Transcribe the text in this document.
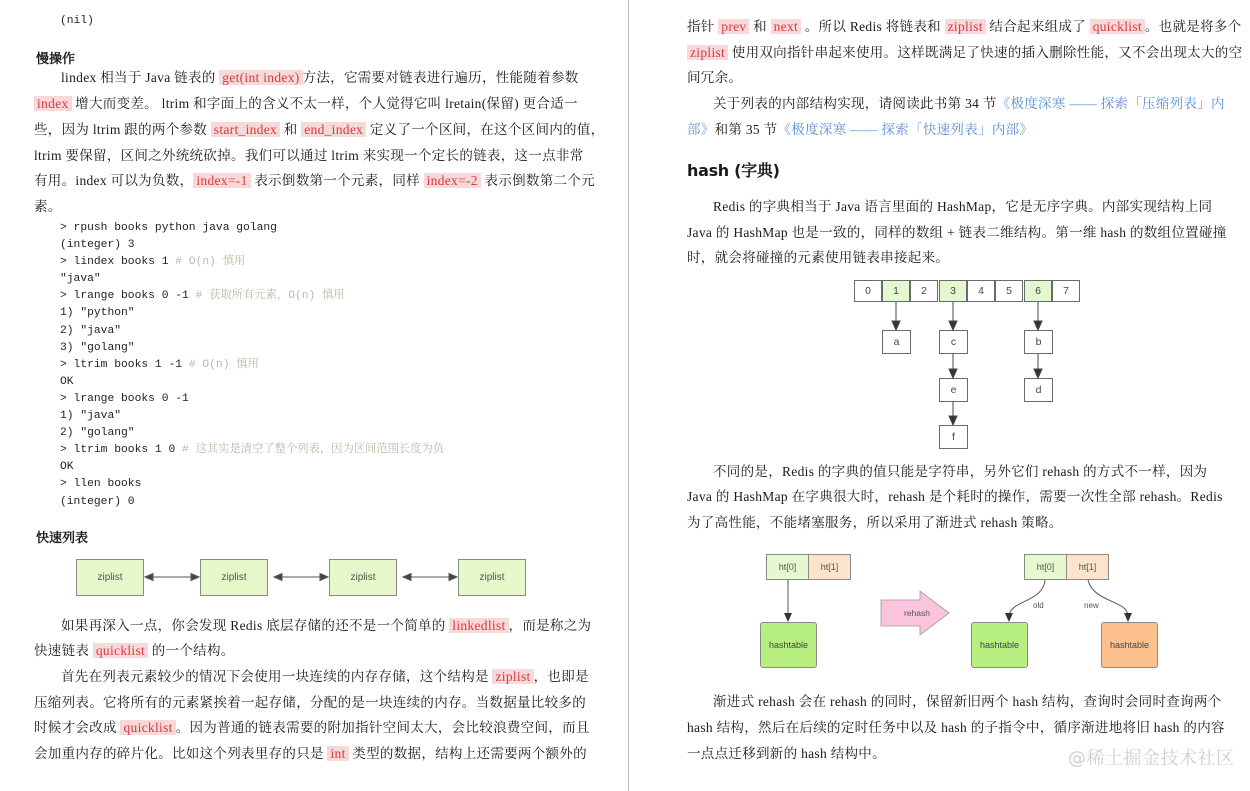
(nil)
慢操作
lindex 相当于 Java 链表的 get(int index) 方法，它需要对链表进行遍历，性能随着参数
index 增大而变差。 ltrim 和字面上的含义不太一样，个人觉得它叫 lretain(保留) 更合适一
些，因为 ltrim 跟的两个参数 start_index 和 end_index 定义了一个区间，在这个区间内的值，
ltrim 要保留，区间之外统统砍掉。我们可以通过 ltrim 来实现一个定长的链表，这一点非常
有用。index 可以为负数， index=-1 表示倒数第一个元素，同样 index=-2 表示倒数第二个元
素。
> rpush books python java golang
(integer) 3
> lindex books 1 # O(n) 慎用
"java"
> lrange books 0 -1 # 获取所有元素，O(n) 慎用
1) "python"
2) "java"
3) "golang"
> ltrim books 1 -1 # O(n) 慎用
OK
> lrange books 0 -1
1) "java"
2) "golang"
> ltrim books 1 0 # 这其实是清空了整个列表，因为区间范围长度为负
OK
> llen books
(integer) 0
快速列表
ziplist	ziplist	ziplist	ziplist
如果再深入一点，你会发现 Redis 底层存储的还不是一个简单的 linkedlist ，而是称之为
快速链表 quicklist 的一个结构。
首先在列表元素较少的情况下会使用一块连续的内存存储，这个结构是 ziplist ，也即是
压缩列表。它将所有的元素紧挨着一起存储，分配的是一块连续的内存。当数据量比较多的
时候才会改成 quicklist 。因为普通的链表需要的附加指针空间太大，会比较浪费空间，而且
会加重内存的碎片化。比如这个列表里存的只是 int 类型的数据，结构上还需要两个额外的
指针 prev 和 next 。所以 Redis 将链表和 ziplist 结合起来组成了 quicklist 。也就是将多个
ziplist 使用双向指针串起来使用。这样既满足了快速的插入删除性能，又不会出现太大的空
间冗余。
关于列表的内部结构实现，请阅读此书第 34 节《极度深寒 —— 探索「压缩列表」内
部》和第 35 节《极度深寒 —— 探索「快速列表」内部》
hash (字典)
Redis 的字典相当于 Java 语言里面的 HashMap，它是无序字典。内部实现结构上同
Java 的 HashMap 也是一致的，同样的数组 + 链表二维结构。第一维 hash 的数组位置碰撞
时，就会将碰撞的元素使用链表串接起来。
0	1	2	3	4	5	6	7
a	c
e
f
b
d
不同的是，Redis 的字典的值只能是字符串，另外它们 rehash 的方式不一样，因为
Java 的 HashMap 在字典很大时，rehash 是个耗时的操作，需要一次性全部 rehash。Redis
为了高性能，不能堵塞服务，所以采用了渐进式 rehash 策略。
ht[0]	ht[1]
hashtable
rehash
ht[0]	ht[1]
old	new
hashtable	hashtable
渐进式 rehash 会在 rehash 的同时，保留新旧两个 hash 结构，查询时会同时查询两个
hash 结构，然后在后续的定时任务中以及 hash 的子指令中，循序渐进地将旧 hash 的内容
一点点迁移到新的 hash 结构中。	@稀土掘金技术社区
